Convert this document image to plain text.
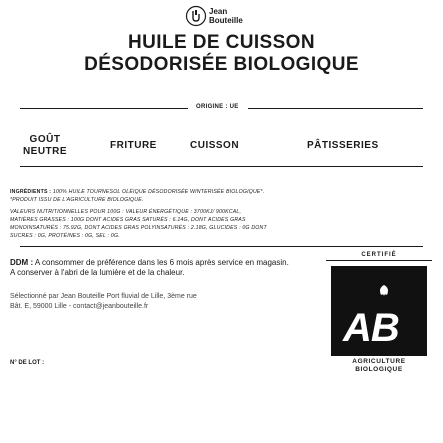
Jean
Bouteille
HUILE DE CUISSON
DÉSODORISÉE BIOLOGIQUE
ORIGINE : UE
GOÛT
NEUTRE
FRITURE	CUISSON	PÂTISSERIES
INGRÉDIENTS : 100% HUILE TOURNESOL OLÉIQUE DÉSODORISÉE WINTERISÉE BIOLOGIQUE*.
*PRODUIT ISSU DE L'AGRICULTURE BIOLOGIQUE.
VALEURS NUTRITIONNELLES POUR 100G : VALEUR ÉNERGÉTIQUE : 3700KJ/ 900KCAL,
MATIÈRES GRASSES : 100G DONT ACIDES GRAS SATURÉS : 6.14G, DONT ACIDES GRAS
MONOINSATURÉS : 75.92G, DONT ACIDES GRAS POLYINSATURÉS : 2.18G, GLUCIDES : 0G DONT
SUCRES : 0G, PROTÉINES : 0G, SEL : 0G.
DDM : A consommer de préférence dans les 6 mois après service en magasin. A conserver à l'abri de la lumière et de la chaleur.
Sélectionné par Jean Bouteille Port fluvial de Lille, 3ème rue
Bât. E, 59000 Lille - contact@jeanbouteille.fr
N° DE LOT :
CERTIFIÉ
AB
AGRICULTURE
BIOLOGIQUE
